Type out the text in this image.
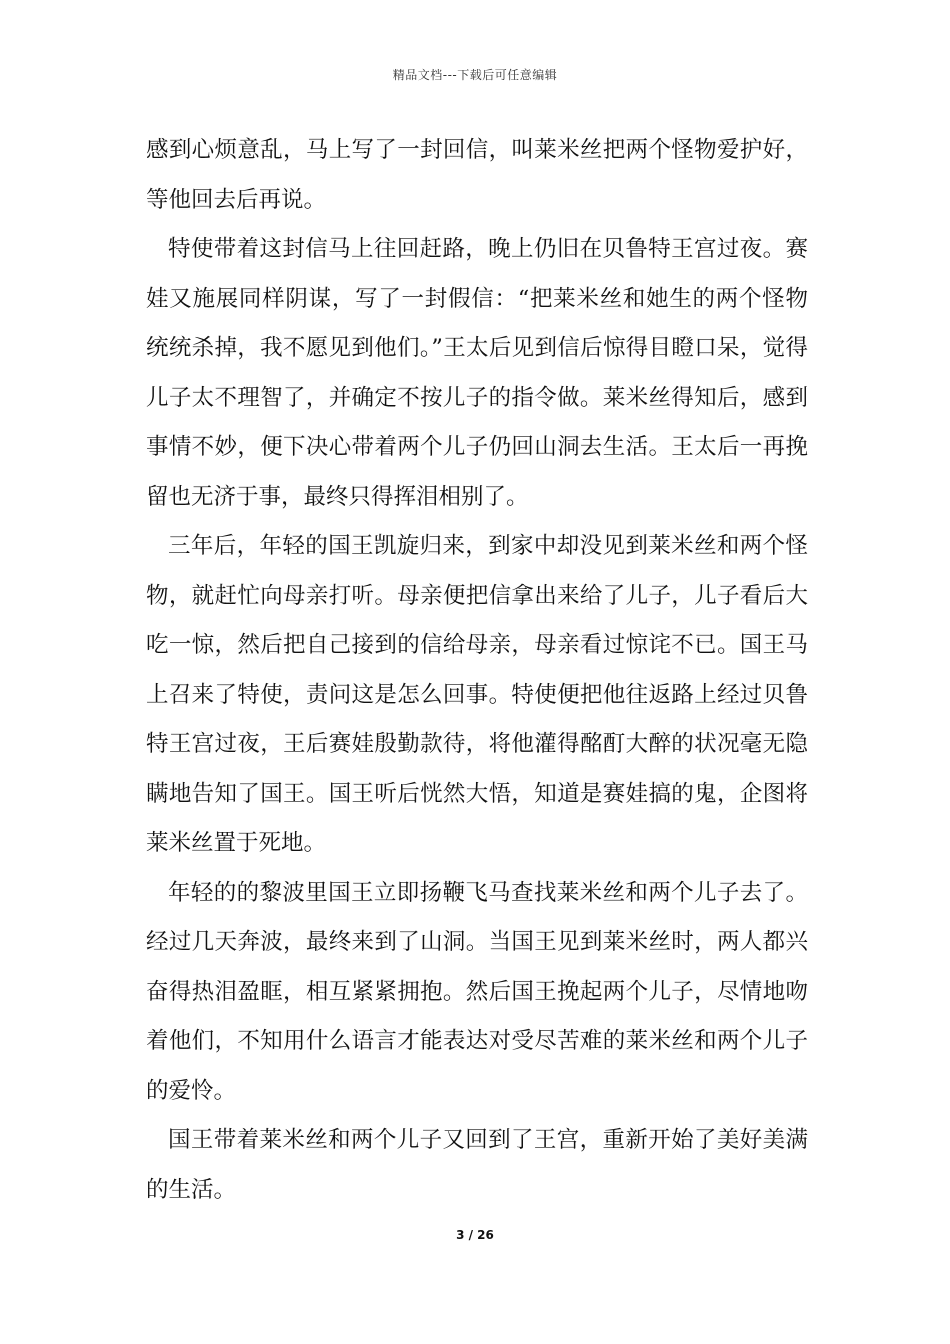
精品文档---下载后可任意编辑

感到心烦意乱，马上写了一封回信，叫莱米丝把两个怪物爱护好，等他回去后再说。

特使带着这封信马上往回赶路，晚上仍旧在贝鲁特王宫过夜。赛娃又施展同样阴谋，写了一封假信：“把莱米丝和她生的两个怪物统统杀掉，我不愿见到他们。”王太后见到信后惊得目瞪口呆，觉得儿子太不理智了，并确定不按儿子的指令做。莱米丝得知后，感到事情不妙，便下决心带着两个儿子仍回山洞去生活。王太后一再挽留也无济于事，最终只得挥泪相别了。

三年后，年轻的国王凯旋归来，到家中却没见到莱米丝和两个怪物，就赶忙向母亲打听。母亲便把信拿出来给了儿子，儿子看后大吃一惊，然后把自己接到的信给母亲，母亲看过惊诧不已。国王马上召来了特使，责问这是怎么回事。特使便把他往返路上经过贝鲁特王宫过夜，王后赛娃殷勤款待，将他灌得酩酊大醉的状况毫无隐瞒地告知了国王。国王听后恍然大悟，知道是赛娃搞的鬼，企图将莱米丝置于死地。

年轻的的黎波里国王立即扬鞭飞马查找莱米丝和两个儿子去了。经过几天奔波，最终来到了山洞。当国王见到莱米丝时，两人都兴奋得热泪盈眶，相互紧紧拥抱。然后国王挽起两个儿子，尽情地吻着他们，不知用什么语言才能表达对受尽苦难的莱米丝和两个儿子的爱怜。

国王带着莱米丝和两个儿子又回到了王宫，重新开始了美好美满的生活。

3 / 26
